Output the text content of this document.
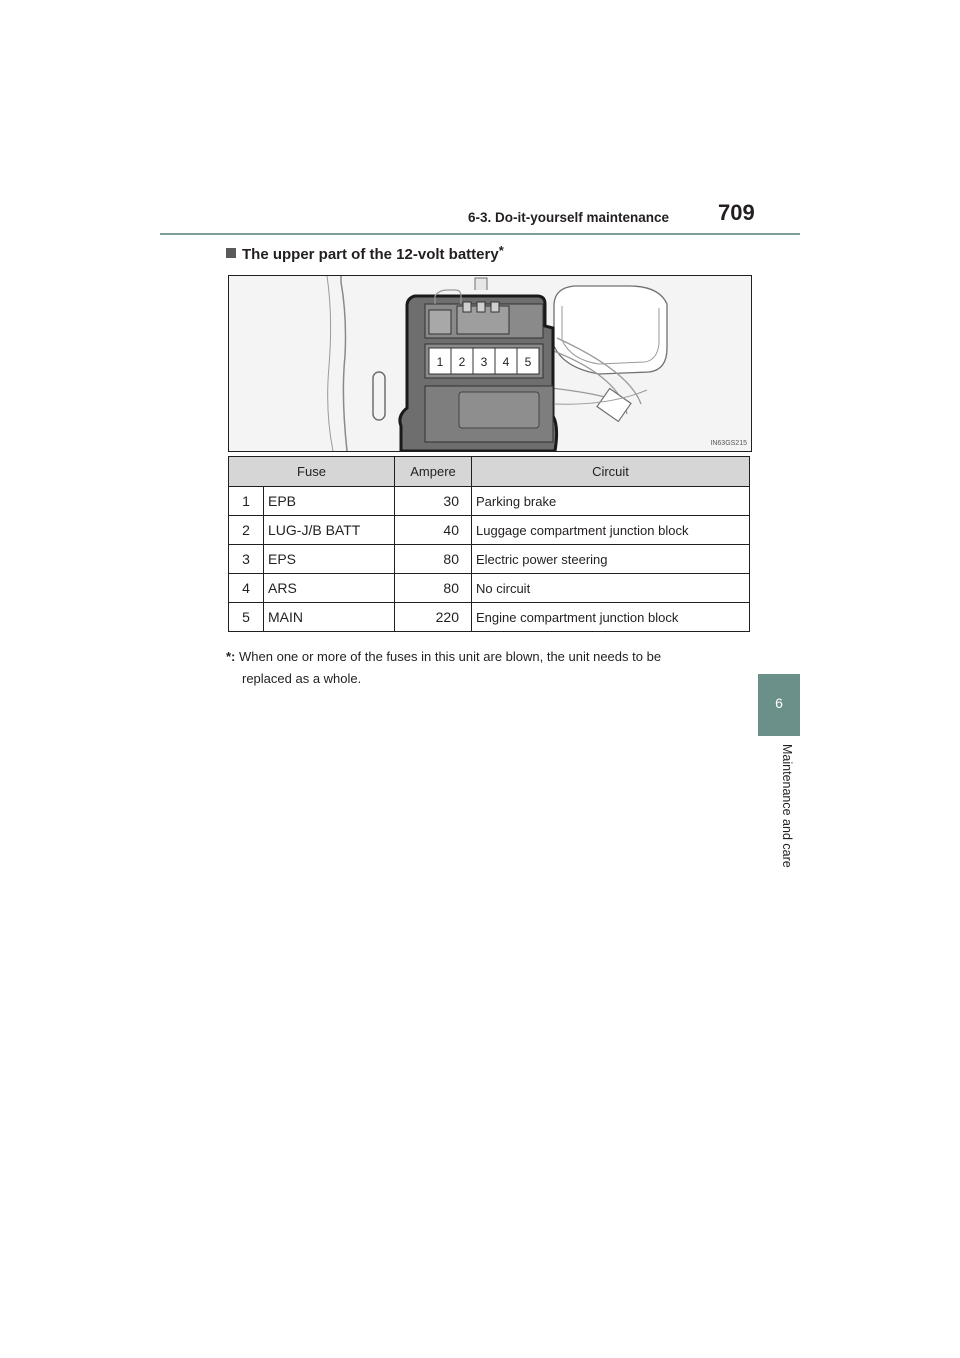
6-3. Do-it-yourself maintenance 709
6
Maintenance and care
The upper part of the 12-volt battery*
1 2 3 4 5
IN63GS215
Fuse		Ampere	Circuit
1	EPB	30	Parking brake
2	LUG-J/B BATT	40	Luggage compartment junction block
3	EPS	80	Electric power steering
4	ARS	80	No circuit
5	MAIN	220	Engine compartment junction block
*: When one or more of the fuses in this unit are blown, the unit needs to be
replaced as a whole.
